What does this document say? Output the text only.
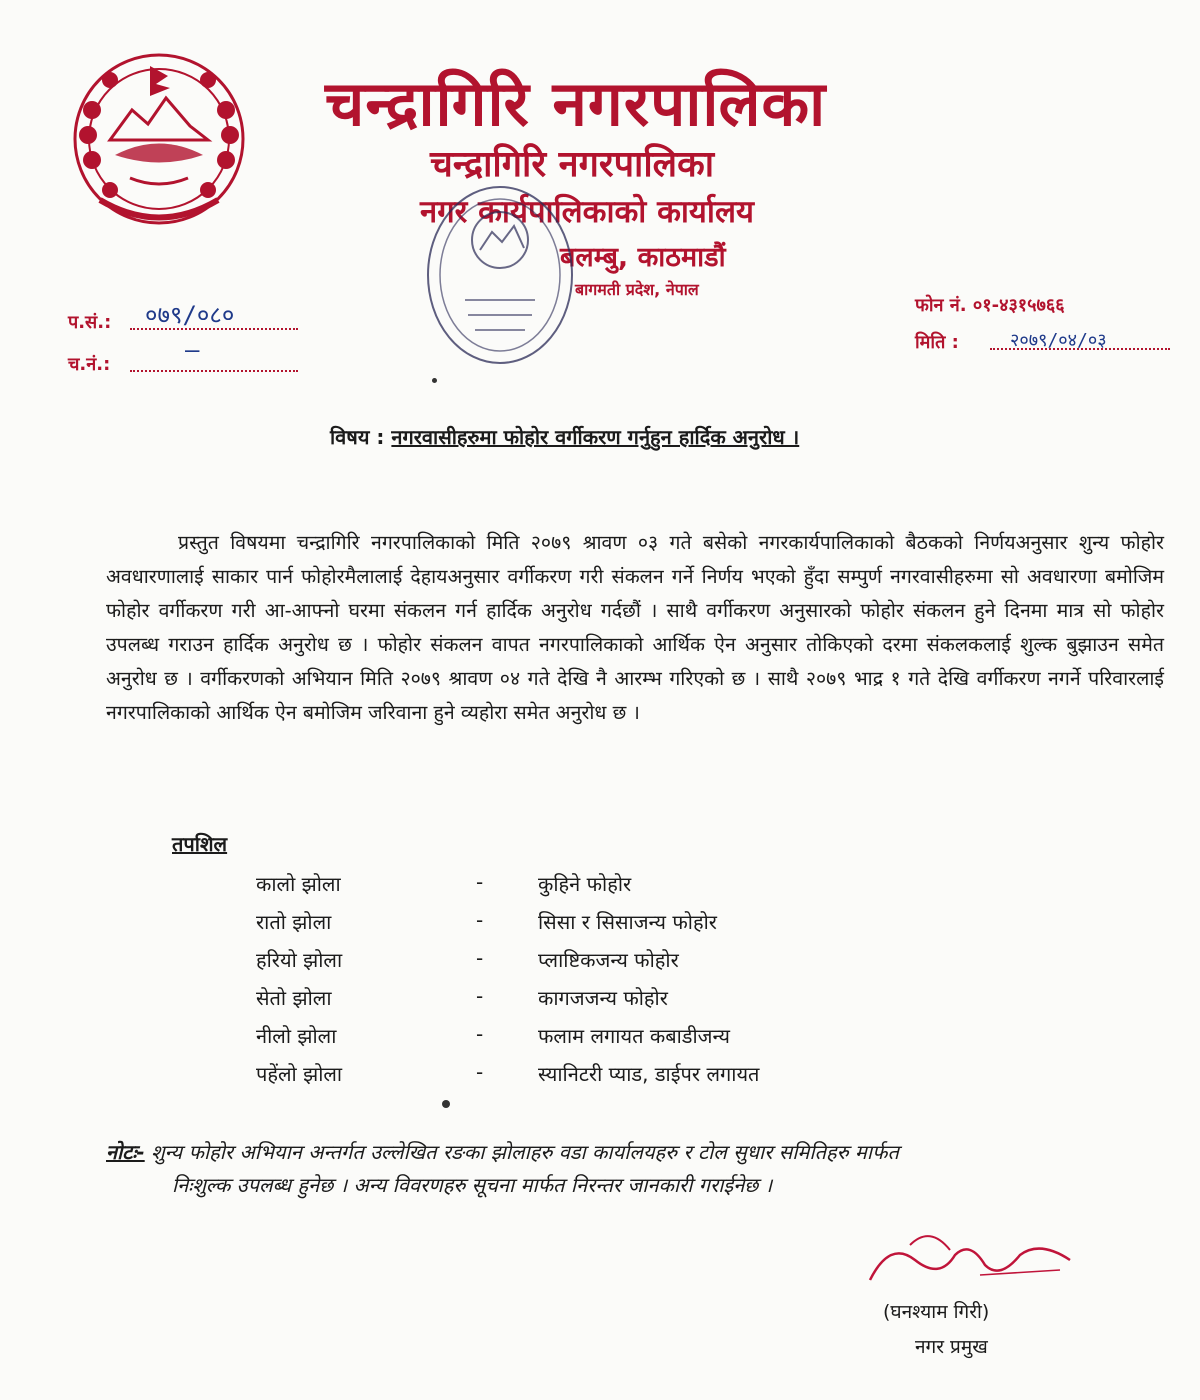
चन्द्रागिरि नगरपालिका
चन्द्रागिरि नगरपालिका
नगर कार्यपालिकाको कार्यालय
बलम्बु, काठमाडौं
बागमती प्रदेश, नेपाल
प.सं.: ०७९/०८०
च.नं.:
—
फोन नं. ०१-४३१५७६६
मिति :	२०७९/०४/०३
विषय : नगरवासीहरुमा फोहोर वर्गीकरण गर्नुहुन हार्दिक अनुरोध ।

प्रस्तुत विषयमा चन्द्रागिरि नगरपालिकाको मिति २०७९ श्रावण ०३ गते बसेको नगरकार्यपालिकाको बैठकको निर्णयअनुसार शुन्य फोहोर अवधारणालाई साकार पार्न फोहोरमैलालाई देहायअनुसार वर्गीकरण गरी संकलन गर्ने निर्णय भएको हुँदा सम्पुर्ण नगरवासीहरुमा सो अवधारणा बमोजिम फोहोर वर्गीकरण गरी आ-आफ्नो घरमा संकलन गर्न हार्दिक अनुरोध गर्दछौं । साथै वर्गीकरण अनुसारको फोहोर संकलन हुने दिनमा मात्र सो फोहोर उपलब्ध गराउन हार्दिक अनुरोध छ । फोहोर संकलन वापत नगरपालिकाको आर्थिक ऐन अनुसार तोकिएको दरमा संकलकलाई शुल्क बुझाउन समेत अनुरोध छ । वर्गीकरणको अभियान मिति २०७९ श्रावण ०४ गते देखि नै आरम्भ गरिएको छ । साथै २०७९ भाद्र १ गते देखि वर्गीकरण नगर्ने परिवारलाई नगरपालिकाको आर्थिक ऐन बमोजिम जरिवाना हुने व्यहोरा समेत अनुरोध छ ।

तपशिल
कालो झोला	-	कुहिने फोहोर
रातो झोला	-	सिसा र सिसाजन्य फोहोर
हरियो झोला	-	प्लाष्टिकजन्य फोहोर
सेतो झोला	-	कागजजन्य फोहोर
नीलो झोला	-	फलाम लगायत कबाडीजन्य
पहेंलो झोला	-	स्यानिटरी प्याड, डाईपर लगायत
नोटः- शुन्य फोहोर अभियान अन्तर्गत उल्लेखित रङका झोलाहरु वडा कार्यालयहरु र टोल सुधार समितिहरु मार्फत
निःशुल्क उपलब्ध हुनेछ । अन्य विवरणहरु सूचना मार्फत निरन्तर जानकारी गराईनेछ ।
(घनश्याम गिरी)
नगर प्रमुख
